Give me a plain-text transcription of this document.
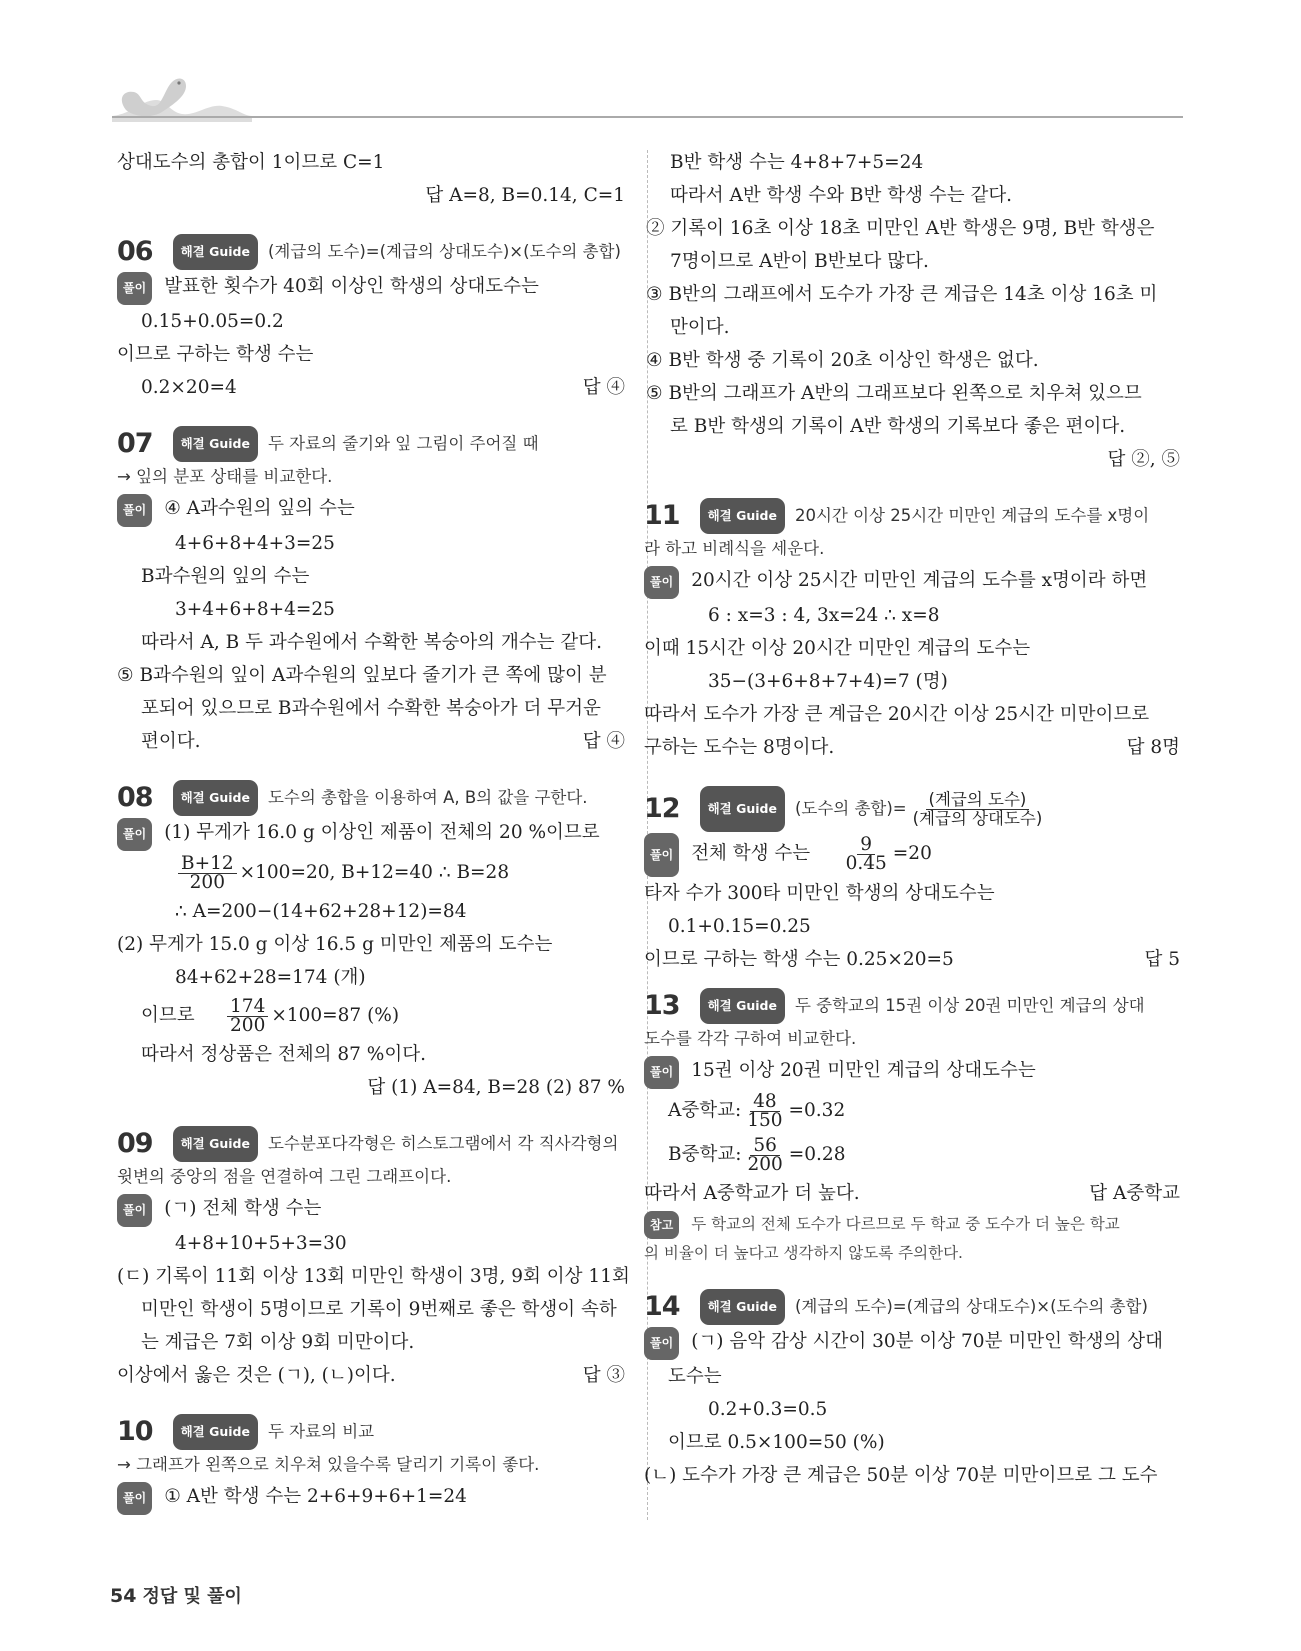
상대도수의 총합이 1이므로 C=1
답 A=8, B=0.14, C=1
06	해결 Guide	(계급의 도수)=(계급의 상대도수)×(도수의 총합)
풀이 발표한 횟수가 40회 이상인 학생의 상대도수는
0.15+0.05=0.2
이므로 구하는 학생 수는
0.2×20=4	답 ④
07	해결 Guide	두 자료의 줄기와 잎 그림이 주어질 때
→ 잎의 분포 상태를 비교한다.
풀이 ④ A과수원의 잎의 수는
4+6+8+4+3=25
B과수원의 잎의 수는
3+4+6+8+4=25
따라서 A, B 두 과수원에서 수확한 복숭아의 개수는 같다.
⑤ B과수원의 잎이 A과수원의 잎보다 줄기가 큰 쪽에 많이 분
포되어 있으므로 B과수원에서 수확한 복숭아가 더 무거운
편이다.	답 ④
08	해결 Guide	도수의 총합을 이용하여 A, B의 값을 구한다.
풀이 (1) 무게가 16.0 g 이상인 제품이 전체의 20 %이므로
$\frac{B+12}{200} \times 100=20$, B+12=40 ∴ B=28
∴ A=200−(14+62+28+12)=84
(2) 무게가 15.0 g 이상 16.5 g 미만인 제품의 도수는
84+62+28=174 (개)
이므로 $\frac{174}{200} \times 100=87$ (%)
따라서 정상품은 전체의 87 %이다.
답 (1) A=84, B=28 (2) 87 %
09	해결 Guide	도수분포다각형은 히스토그램에서 각 직사각형의
윗변의 중앙의 점을 연결하여 그린 그래프이다.
풀이 (ㄱ) 전체 학생 수는
4+8+10+5+3=30
(ㄷ) 기록이 11회 이상 13회 미만인 학생이 3명, 9회 이상 11회
미만인 학생이 5명이므로 기록이 9번째로 좋은 학생이 속하
는 계급은 7회 이상 9회 미만이다.
이상에서 옳은 것은 (ㄱ), (ㄴ)이다.	답 ③
10	해결 Guide	두 자료의 비교
→ 그래프가 왼쪽으로 치우쳐 있을수록 달리기 기록이 좋다.
풀이 ① A반 학생 수는 2+6+9+6+1=24
B반 학생 수는 4+8+7+5=24
따라서 A반 학생 수와 B반 학생 수는 같다.
② 기록이 16초 이상 18초 미만인 A반 학생은 9명, B반 학생은
7명이므로 A반이 B반보다 많다.
③ B반의 그래프에서 도수가 가장 큰 계급은 14초 이상 16초 미
만이다.
④ B반 학생 중 기록이 20초 이상인 학생은 없다.
⑤ B반의 그래프가 A반의 그래프보다 왼쪽으로 치우쳐 있으므
로 B반 학생의 기록이 A반 학생의 기록보다 좋은 편이다.
답 ②, ⑤
11	해결 Guide	20시간 이상 25시간 미만인 계급의 도수를 x명이
라 하고 비례식을 세운다.
풀이 20시간 이상 25시간 미만인 계급의 도수를 x명이라 하면
6 : x=3 : 4, 3x=24 ∴ x=8
이때 15시간 이상 20시간 미만인 계급의 도수는
35−(3+6+8+7+4)=7 (명)
따라서 도수가 가장 큰 계급은 20시간 이상 25시간 미만이므로
구하는 도수는 8명이다.	답 8명
12	해결 Guide	(도수의 총합)= $\frac{\text{(계급의 도수)}}{\text{(계급의 상대도수)}}$
풀이 전체 학생 수는 $\frac{9}{0.45} =20$
타자 수가 300타 미만인 학생의 상대도수는
0.1+0.15=0.25
이므로 구하는 학생 수는 0.25×20=5	답 5
13	해결 Guide	두 중학교의 15권 이상 20권 미만인 계급의 상대
도수를 각각 구하여 비교한다.
풀이 15권 이상 20권 미만인 계급의 상대도수는
A중학교: $\frac{48}{150} =0.32$
B중학교: $\frac{56}{200} =0.28$
따라서 A중학교가 더 높다.	답 A중학교
참고 두 학교의 전체 도수가 다르므로 두 학교 중 도수가 더 높은 학교
의 비율이 더 높다고 생각하지 않도록 주의한다.
14	해결 Guide	(계급의 도수)=(계급의 상대도수)×(도수의 총합)
풀이 (ㄱ) 음악 감상 시간이 30분 이상 70분 미만인 학생의 상대
도수는
0.2+0.3=0.5
이므로 0.5×100=50 (%)
(ㄴ) 도수가 가장 큰 계급은 50분 이상 70분 미만이므로 그 도수
54 정답 및 풀이
